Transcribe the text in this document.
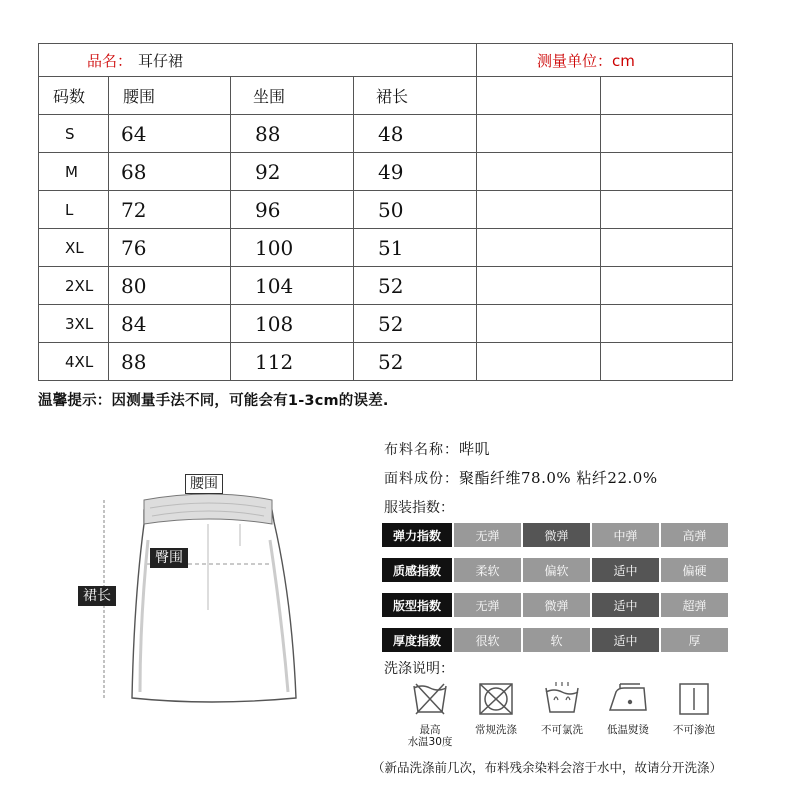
品名： 耳仔裙				测量单位：cm	
码数	腰围	坐围	裙长		
S	64	88	48		
M	68	92	49		
L	72	96	50		
XL	76	100	51		
2XL	80	104	52		
3XL	84	108	52		
4XL	88	112	52		
温馨提示：因测量手法不同，可能会有1-3cm的误差.
腰围
臀围
裙长
布料名称：哔叽
面料成份：聚酯纤维78.0% 粘纤22.0%
服装指数：
弹力指数	无弹	微弹	中弹	高弹
质感指数	柔软	偏软	适中	偏硬
版型指数	无弹	微弹	适中	超弹
厚度指数	很软	软	适中	厚
洗涤说明：
最高
水温30度
常规洗涤	不可氯洗	低温熨烫	不可渗泡
（新品洗涤前几次，布料残余染料会溶于水中，故请分开洗涤）
